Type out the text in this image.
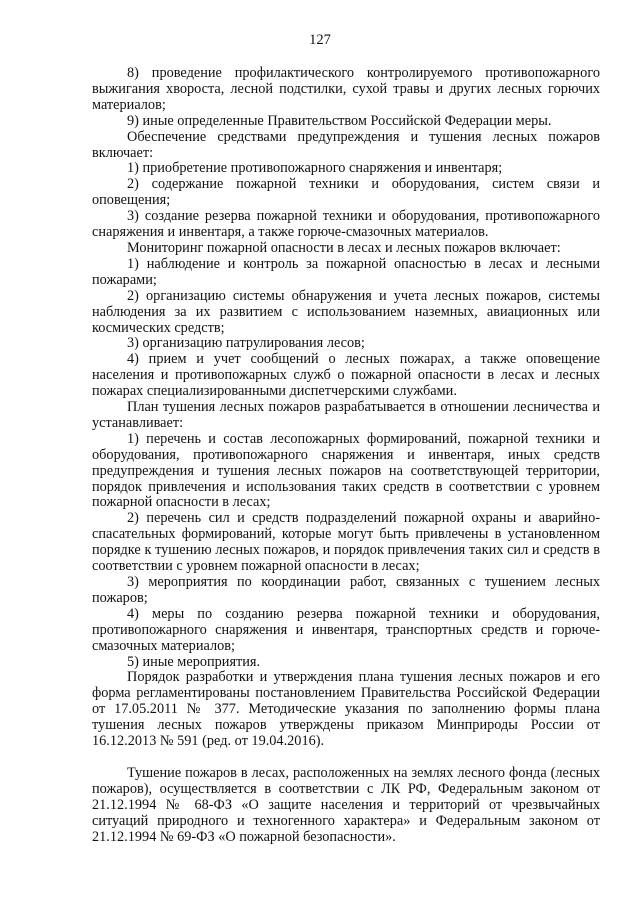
127

8) проведение профилактического контролируемого противопожарного выжигания хвороста, лесной подстилки, сухой травы и других лесных горючих материалов;

9) иные определенные Правительством Российской Федерации меры.

Обеспечение средствами предупреждения и тушения лесных пожаров включает:

1) приобретение противопожарного снаряжения и инвентаря;

2) содержание пожарной техники и оборудования, систем связи и оповещения;

3) создание резерва пожарной техники и оборудования, противопожарного снаряжения и инвентаря, а также горюче-смазочных материалов.

Мониторинг пожарной опасности в лесах и лесных пожаров включает:

1) наблюдение и контроль за пожарной опасностью в лесах и лесными пожарами;

2) организацию системы обнаружения и учета лесных пожаров, системы наблюдения за их развитием с использованием наземных, авиационных или космических средств;

3) организацию патрулирования лесов;

4) прием и учет сообщений о лесных пожарах, а также оповещение населения и противопожарных служб о пожарной опасности в лесах и лесных пожарах специализированными диспетчерскими службами.

План тушения лесных пожаров разрабатывается в отношении лесничества и устанавливает:

1) перечень и состав лесопожарных формирований, пожарной техники и оборудования, противопожарного снаряжения и инвентаря, иных средств предупреждения и тушения лесных пожаров на соответствующей территории, порядок привлечения и использования таких средств в соответствии с уровнем пожарной опасности в лесах;

2) перечень сил и средств подразделений пожарной охраны и аварийно-спасательных формирований, которые могут быть привлечены в установленном порядке к тушению лесных пожаров, и порядок привлечения таких сил и средств в соответствии с уровнем пожарной опасности в лесах;

3) мероприятия по координации работ, связанных с тушением лесных пожаров;

4) меры по созданию резерва пожарной техники и оборудования, противопожарного снаряжения и инвентаря, транспортных средств и горюче-смазочных материалов;

5) иные мероприятия.

Порядок разработки и утверждения плана тушения лесных пожаров и его форма регламентированы постановлением Правительства Российской Федерации от 17.05.2011 № 377. Методические указания по заполнению формы плана тушения лесных пожаров утверждены приказом Минприроды России от 16.12.2013 № 591 (ред. от 19.04.2016).

Тушение пожаров в лесах, расположенных на землях лесного фонда (лесных пожаров), осуществляется в соответствии с ЛК РФ, Федеральным законом от 21.12.1994 № 68-ФЗ «О защите населения и территорий от чрезвычайных ситуаций природного и техногенного характера» и Федеральным законом от 21.12.1994 № 69-ФЗ «О пожарной безопасности».
